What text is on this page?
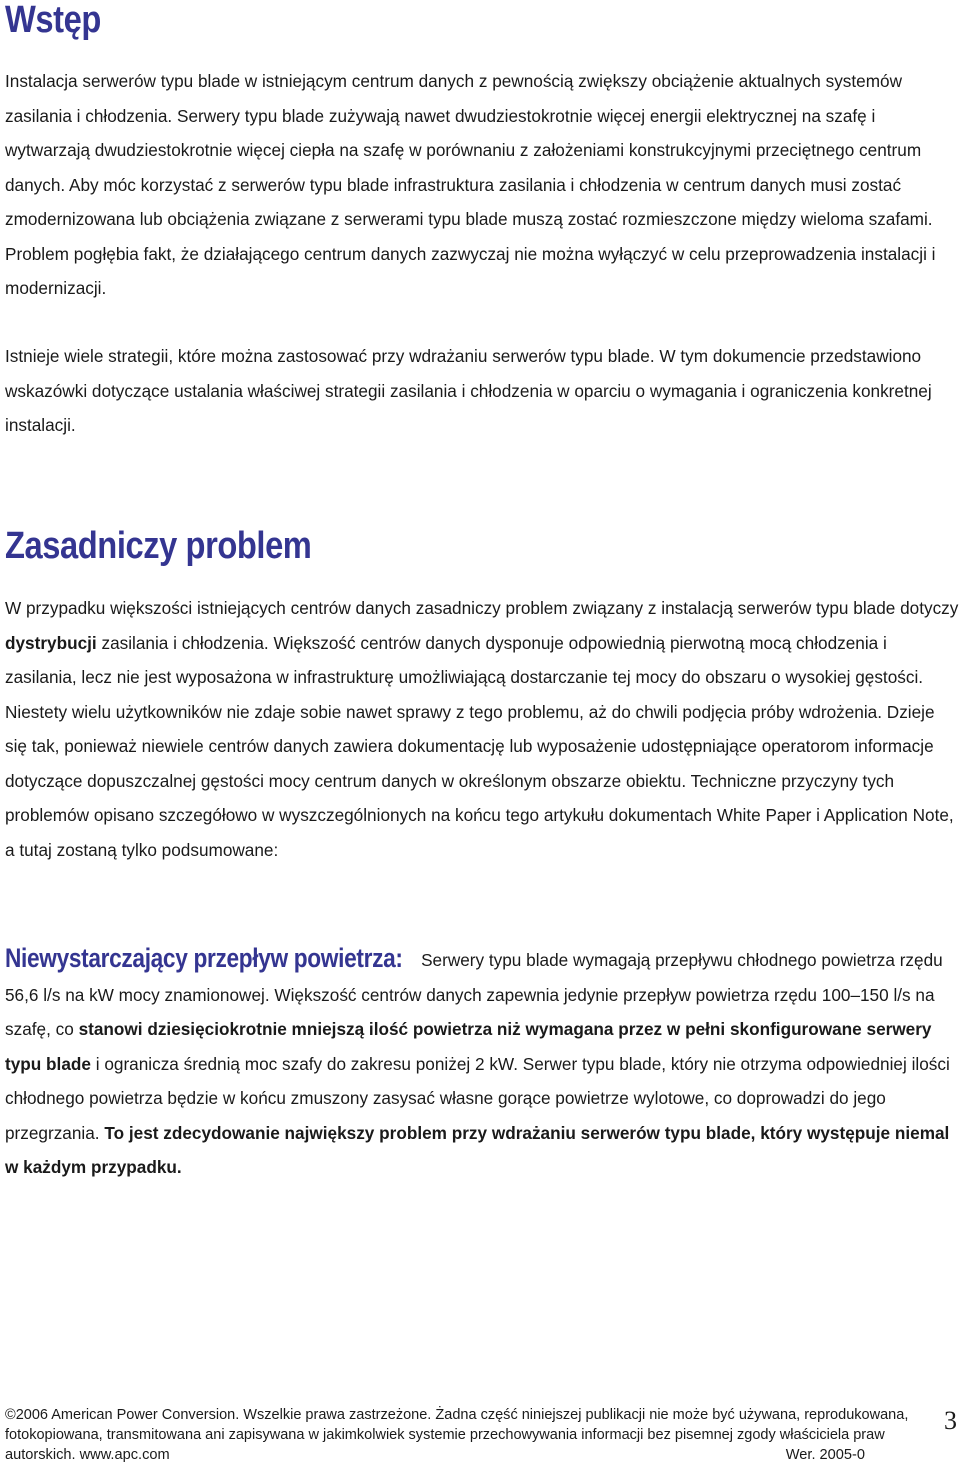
Wstęp

Instalacja serwerów typu blade w istniejącym centrum danych z pewnością zwiększy obciążenie aktualnych systemów zasilania i chłodzenia. Serwery typu blade zużywają nawet dwudziestokrotnie więcej energii elektrycznej na szafę i wytwarzają dwudziestokrotnie więcej ciepła na szafę w porównaniu z założeniami konstrukcyjnymi przeciętnego centrum danych. Aby móc korzystać z serwerów typu blade infrastruktura zasilania i chłodzenia w centrum danych musi zostać zmodernizowana lub obciążenia związane z serwerami typu blade muszą zostać rozmieszczone między wieloma szafami. Problem pogłębia fakt, że działającego centrum danych zazwyczaj nie można wyłączyć w celu przeprowadzenia instalacji i modernizacji.

Istnieje wiele strategii, które można zastosować przy wdrażaniu serwerów typu blade. W tym dokumencie przedstawiono wskazówki dotyczące ustalania właściwej strategii zasilania i chłodzenia w oparciu o wymagania i ograniczenia konkretnej instalacji.

Zasadniczy problem

W przypadku większości istniejących centrów danych zasadniczy problem związany z instalacją serwerów typu blade dotyczy dystrybucji zasilania i chłodzenia. Większość centrów danych dysponuje odpowiednią pierwotną mocą chłodzenia i zasilania, lecz nie jest wyposażona w infrastrukturę umożliwiającą dostarczanie tej mocy do obszaru o wysokiej gęstości. Niestety wielu użytkowników nie zdaje sobie nawet sprawy z tego problemu, aż do chwili podjęcia próby wdrożenia. Dzieje się tak, ponieważ niewiele centrów danych zawiera dokumentację lub wyposażenie udostępniające operatorom informacje dotyczące dopuszczalnej gęstości mocy centrum danych w określonym obszarze obiektu. Techniczne przyczyny tych problemów opisano szczegółowo w wyszczególnionych na końcu tego artykułu dokumentach White Paper i Application Note, a tutaj zostaną tylko podsumowane:

Niewystarczający przepływ powietrza: Serwery typu blade wymagają przepływu chłodnego powietrza rzędu 56,6 l/s na kW mocy znamionowej. Większość centrów danych zapewnia jedynie przepływ powietrza rzędu 100–150 l/s na szafę, co stanowi dziesięciokrotnie mniejszą ilość powietrza niż wymagana przez w pełni skonfigurowane serwery typu blade i ogranicza średnią moc szafy do zakresu poniżej 2 kW. Serwer typu blade, który nie otrzyma odpowiedniej ilości chłodnego powietrza będzie w końcu zmuszony zasysać własne gorące powietrze wylotowe, co doprowadzi do jego przegrzania. To jest zdecydowanie największy problem przy wdrażaniu serwerów typu blade, który występuje niemal w każdym przypadku.

©2006 American Power Conversion. Wszelkie prawa zastrzeżone. Żadna część niniejszej publikacji nie może być używana, reprodukowana,
fotokopiowana, transmitowana ani zapisywana w jakimkolwiek systemie przechowywania informacji bez pisemnej zgody właściciela praw
autorskich. www.apc.com	Wer. 2005-0
3
